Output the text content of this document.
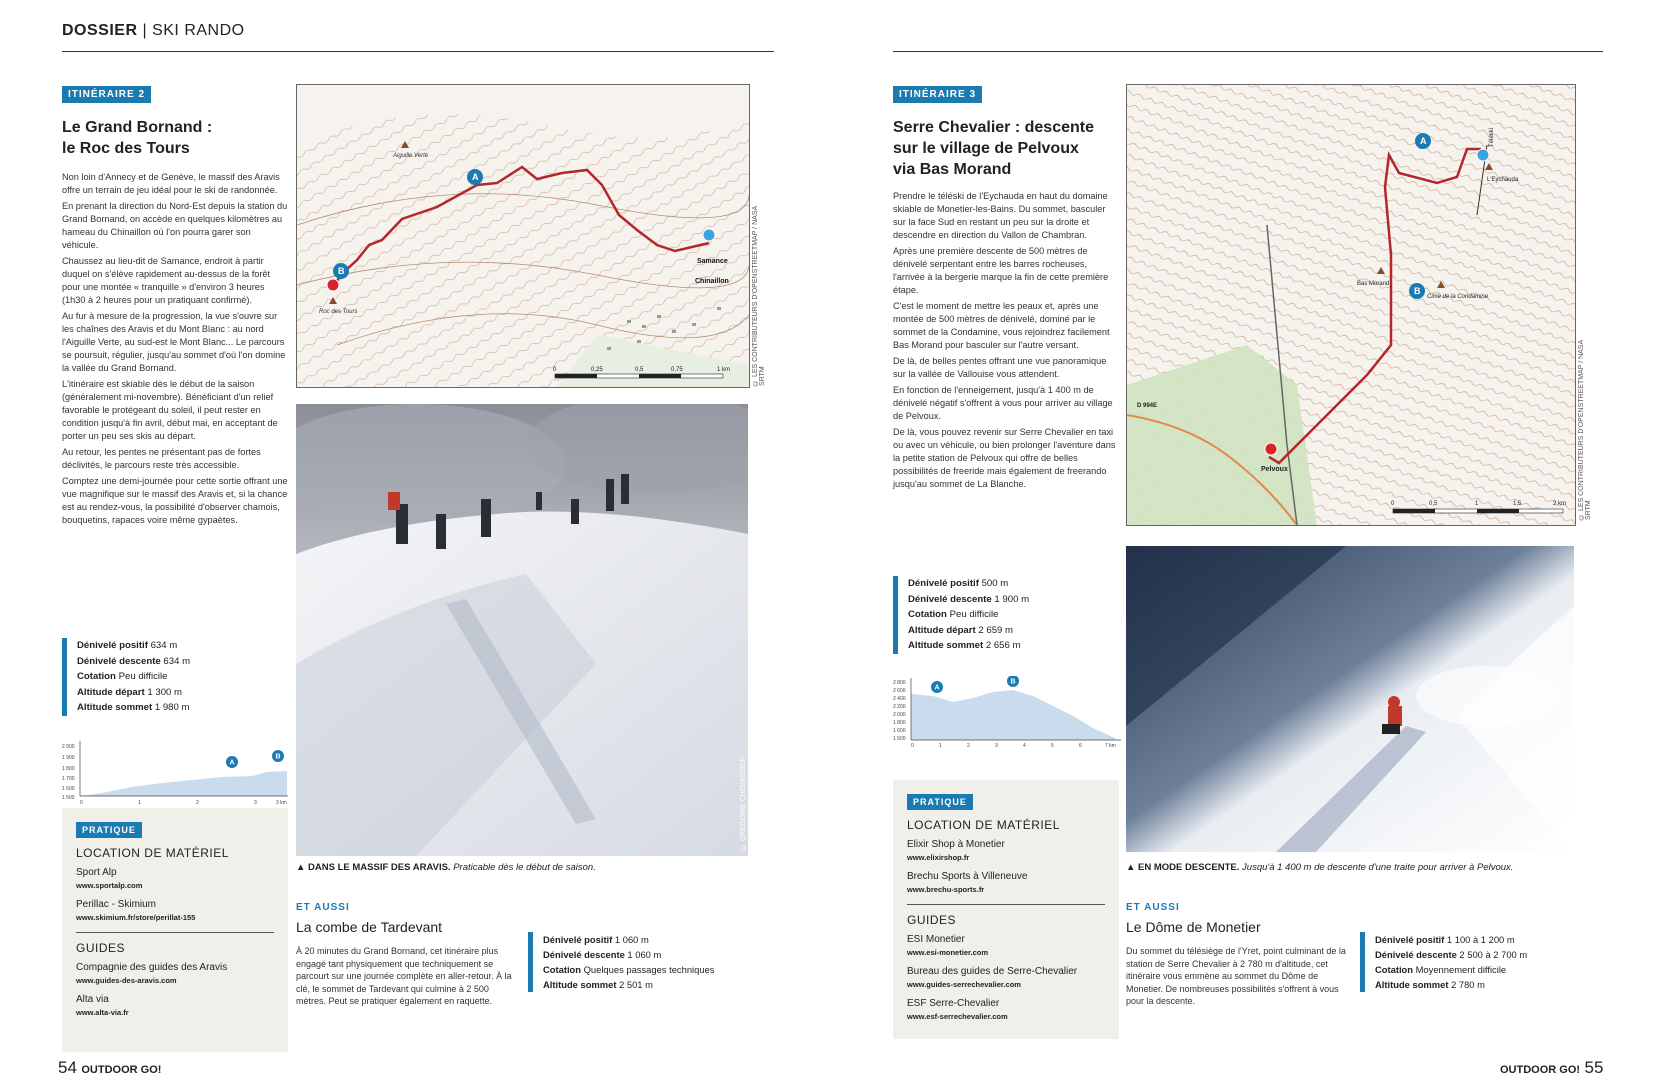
DOSSIER | SKI RANDO
ITINÉRAIRE 2
Le Grand Bornand :
le Roc des Tours

Non loin d'Annecy et de Genève, le massif des Aravis offre un terrain de jeu idéal pour le ski de randonnée.

En prenant la direction du Nord-Est depuis la station du Grand Bornand, on accède en quelques kilomètres au hameau du Chinaillon où l'on pourra garer son véhicule.

Chaussez au lieu-dit de Samance, endroit à partir duquel on s'élève rapidement au-dessus de la forêt pour une montée « tranquille » d'environ 3 heures (1h30 à 2 heures pour un pratiquant confirmé).

Au fur à mesure de la progression, la vue s'ouvre sur les chaînes des Aravis et du Mont Blanc : au nord l'Aiguille Verte, au sud-est le Mont Blanc... Le parcours se poursuit, régulier, jusqu'au sommet d'où l'on domine la vallée du Grand Bornand.

L'itinéraire est skiable dès le début de la saison (généralement mi-novembre). Bénéficiant d'un relief favorable le protégeant du soleil, il peut rester en condition jusqu'à fin avril, début mai, en acceptant de porter un peu ses skis au départ.

Au retour, les pentes ne présentant pas de fortes déclivités, le parcours reste très accessible.

Comptez une demi-journée pour cette sortie offrant une vue magnifique sur le massif des Aravis et, si la chance est au rendez-vous, la possibilité d'observer chamois, bouquetins, rapaces voire même gypaètes.

Dénivelé positif 634 m
Dénivelé descente 634 m
Cotation Peu difficile
Altitude départ 1 300 m
Altitude sommet 1 980 m
2 000
1 900
1 800
1 700
1 600
1 500
0	1	2	3	3 km
A
B
PRATIQUE
LOCATION DE MATÉRIEL
Sport Alp
www.sportalp.com
Perillac - Skimium
www.skimium.fr/store/perillat-155
GUIDES
Compagnie des guides des Aravis
www.guides-des-aravis.com
Alta via
www.alta-via.fr
Aiguille Verte
Roc des Tours
A
B
Samance
Chinaillon
0	0,25	0,5	0,75	1 km	© LES CONTRIBUTEURS D'OPENSTREETMAP / NASA SRTM
© GRÉGOIRE CHEVASSIER
▲ DANS LE MASSIF DES ARAVIS. Praticable dès le début de saison.
ET AUSSI
La combe de Tardevant
À 20 minutes du Grand Bornand, cet itinéraire plus engagé tant physiquement que techniquement se parcourt sur une journée complète en aller-retour. À la clé, le sommet de Tardevant qui culmine à 2 500 mètres. Peut se pratiquer également en raquette.
Dénivelé positif 1 060 m
Dénivelé descente 1 060 m
Cotation Quelques passages techniques
Altitude sommet 2 501 m
54 OUTDOOR GO!
ITINÉRAIRE 3
Serre Chevalier : descente
sur le village de Pelvoux
via Bas Morand

Prendre le téléski de l'Eychauda en haut du domaine skiable de Monetier-les-Bains. Du sommet, basculer sur la face Sud en restant un peu sur la droite et descendre en direction du Vallon de Chambran.

Après une première descente de 500 mètres de dénivelé serpentant entre les barres rocheuses, l'arrivée à la bergerie marque la fin de cette première étape.

C'est le moment de mettre les peaux et, après une montée de 500 mètres de dénivelé, dominé par le sommet de la Condamine, vous rejoindrez facilement Bas Morand pour basculer sur l'autre versant.

De là, de belles pentes offrant une vue panoramique sur la vallée de Vallouise vous attendent.

En fonction de l'enneigement, jusqu'à 1 400 m de dénivelé négatif s'offrent à vous pour arriver au village de Pelvoux.

De là, vous pouvez revenir sur Serre Chevalier en taxi ou avec un véhicule, ou bien prolonger l'aventure dans la petite station de Pelvoux qui offre de belles possibilités de freeride mais également de freerando jusqu'au sommet de La Blanche.

Dénivelé positif 500 m
Dénivelé descente 1 900 m
Cotation Peu difficile
Altitude départ 2 659 m
Altitude sommet 2 656 m
2 800
2 600
2 400
2 200
2 000
1 800
1 600
1 500
0	1	2	3	4	5	6	7 km
A
B
PRATIQUE
LOCATION DE MATÉRIEL
Elixir Shop à Monetier
www.elixirshop.fr
Brechu Sports à Villeneuve
www.brechu-sports.fr
GUIDES
ESI Monetier
www.esi-monetier.com
Bureau des guides de Serre-Chevalier
www.guides-serrechevalier.com
ESF Serre-Chevalier
www.esf-serrechevalier.com
A
B
Téléski
L'Eychauda
Bas Morand
Cime de la Condamine
Pelvoux
D 994E
0	0,5	1	1,5	2 km © LES CONTRIBUTEURS D'OPENSTREETMAP / NASA SRTM
© GUILLAUME LESCA
▲ EN MODE DESCENTE. Jusqu'à 1 400 m de descente d'une traite pour arriver à Pelvoux.
ET AUSSI
Le Dôme de Monetier
Du sommet du télésiège de l'Yret, point culminant de la station de Serre Chevalier à 2 780 m d'altitude, cet itinéraire vous emmène au sommet du Dôme de Monetier. De nombreuses possibilités s'offrent à vous pour la descente.
Dénivelé positif 1 100 à 1 200 m
Dénivelé descente 2 500 à 2 700 m
Cotation Moyennement difficile
Altitude sommet 2 780 m
OUTDOOR GO! 55
